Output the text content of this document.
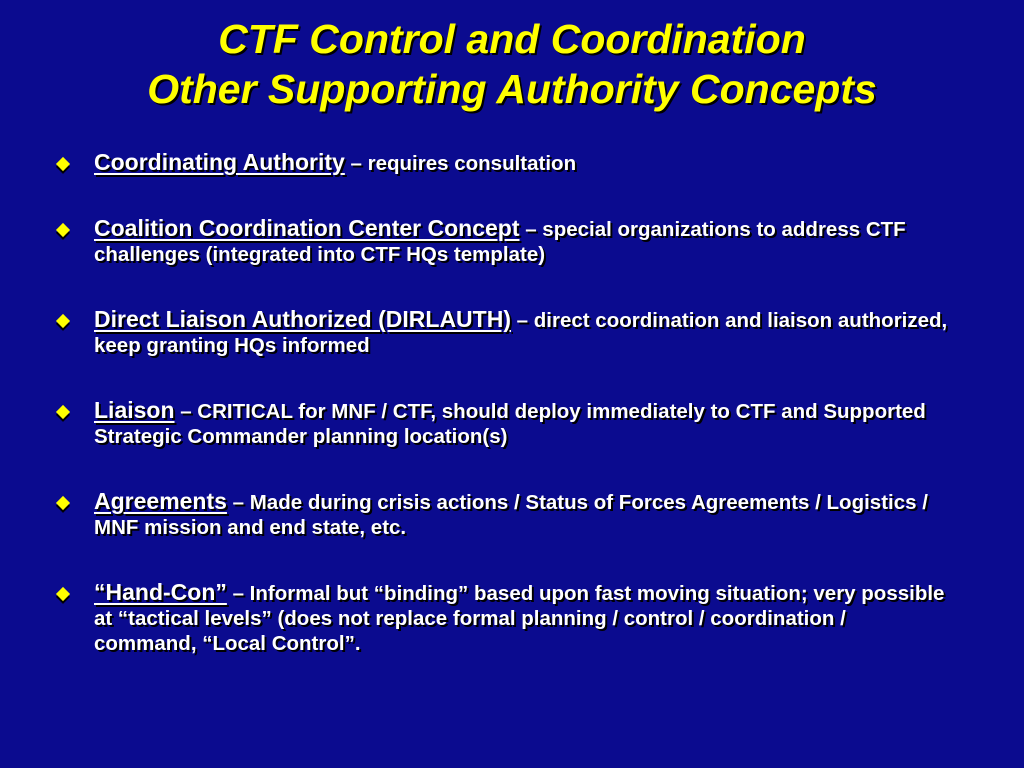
CTF Control and Coordination
Other Supporting Authority Concepts
Coordinating Authority – requires consultation
Coalition Coordination Center Concept – special organizations to address CTF challenges (integrated into CTF HQs template)
Direct Liaison Authorized (DIRLAUTH) – direct coordination and liaison authorized, keep granting HQs informed
Liaison – CRITICAL for MNF / CTF, should deploy immediately to CTF and Supported Strategic Commander planning location(s)
Agreements – Made during crisis actions / Status of Forces Agreements / Logistics / MNF mission and end state, etc.
“Hand-Con” – Informal but “binding” based upon fast moving situation; very possible at “tactical levels” (does not replace formal planning / control / coordination / command, “Local Control”.
